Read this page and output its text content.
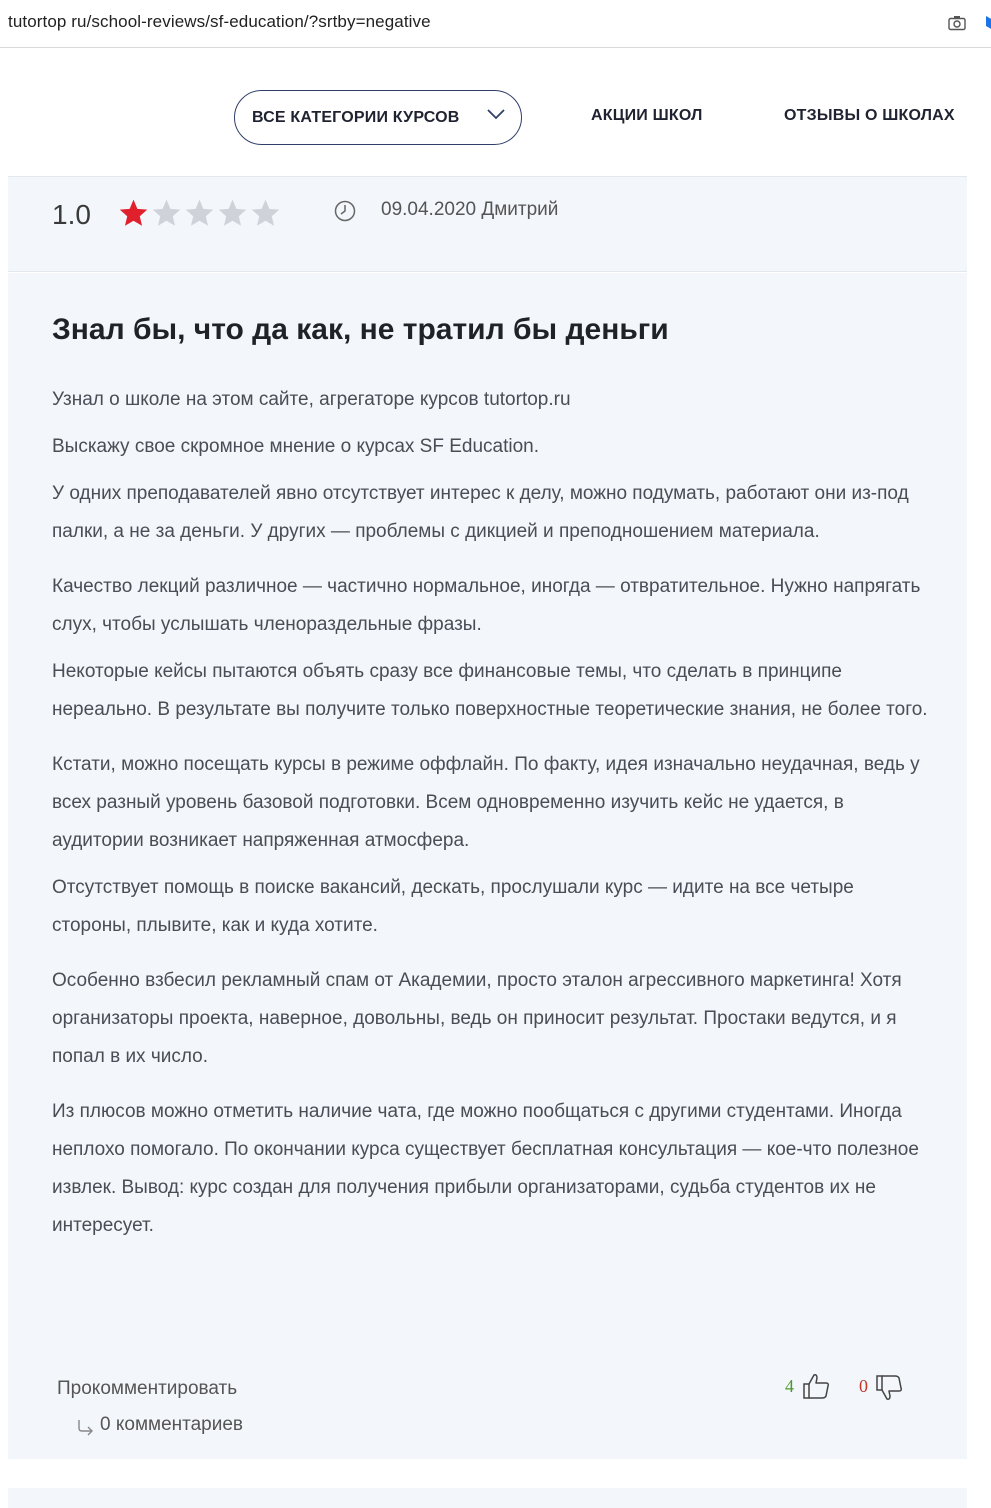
tutortop ru/school-reviews/sf-education/?srtby=negative
ВСЕ КАТЕГОРИИ КУРСОВ	АКЦИИ ШКОЛ	ОТЗЫВЫ О ШКОЛАХ
1.0	09.04.2020 Дмитрий
Знал бы, что да как, не тратил бы деньги

Узнал о школе на этом сайте, агрегаторе курсов tutortop.ru

Выскажу свое скромное мнение о курсах SF Education.

У одних преподавателей явно отсутствует интерес к делу, можно подумать, работают они из-под палки, а не за деньги. У других — проблемы с дикцией и преподношением материала.

Качество лекций различное — частично нормальное, иногда — отвратительное. Нужно напрягать слух, чтобы услышать членораздельные фразы.

Некоторые кейсы пытаются объять сразу все финансовые темы, что сделать в принципе нереально. В результате вы получите только поверхностные теоретические знания, не более того.

Кстати, можно посещать курсы в режиме оффлайн. По факту, идея изначально неудачная, ведь у всех разный уровень базовой подготовки. Всем одновременно изучить кейс не удается, в аудитории возникает напряженная атмосфера.

Отсутствует помощь в поиске вакансий, дескать, прослушали курс — идите на все четыре стороны, плывите, как и куда хотите.

Особенно взбесил рекламный спам от Академии, просто эталон агрессивного маркетинга! Хотя организаторы проекта, наверное, довольны, ведь он приносит результат. Простаки ведутся, и я попал в их число.

Из плюсов можно отметить наличие чата, где можно пообщаться с другими студентами. Иногда неплохо помогало. По окончании курса существует бесплатная консультация — кое-что полезное извлек. Вывод: курс создан для получения прибыли организаторами, судьба студентов их не интересует.

Прокомментировать
0 комментариев
4	0
